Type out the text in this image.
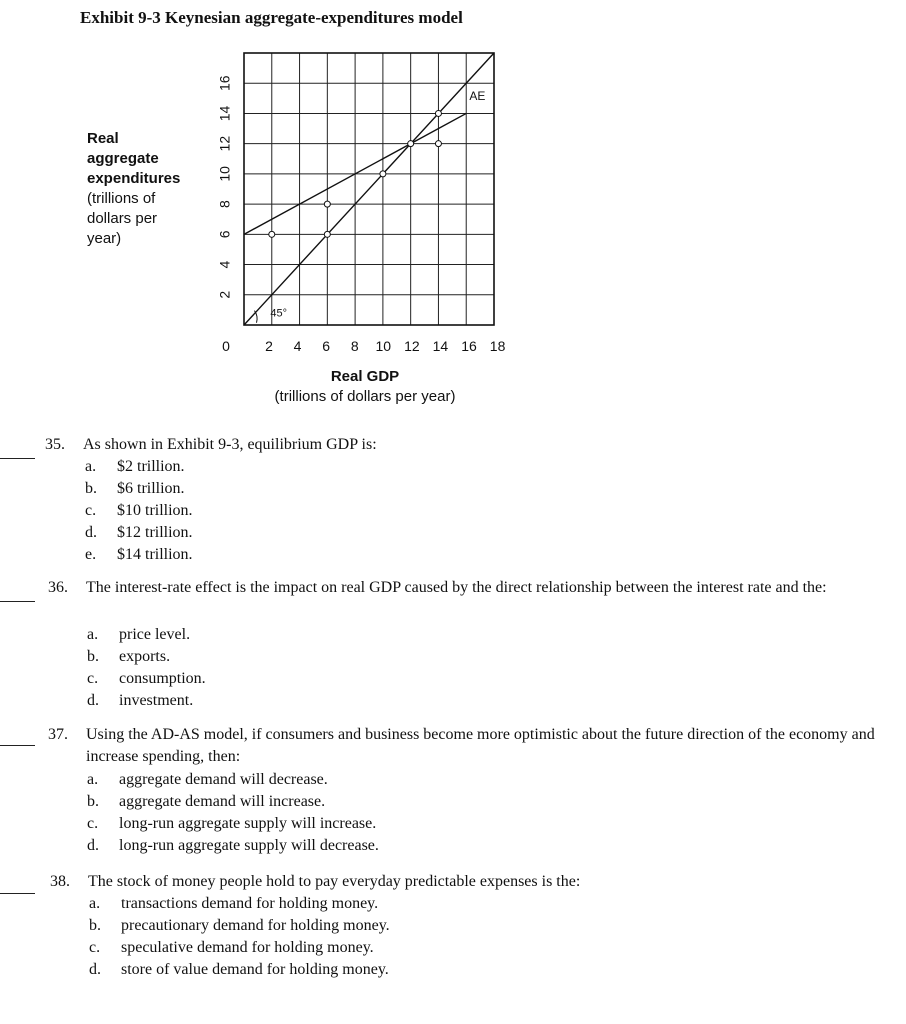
Exhibit 9-3 Keynesian aggregate-expenditures model
Real
aggregate
expenditures
(trillions of
dollars per
year)
2
4
6
8
10
12
14
16
0	2 4 6 8 10 12 14 16 18
AE
45°
Real GDP
(trillions of dollars per year)
35. As shown in Exhibit 9-3, equilibrium GDP is:
a. $2 trillion.
b. $6 trillion.
c. $10 trillion.
d. $12 trillion.
e. $14 trillion.
36. The interest-rate effect is the impact on real GDP caused by the direct relationship between the interest rate and the:
a. price level.
b. exports.
c. consumption.
d. investment.
37. Using the AD-AS model, if consumers and business become more optimistic about the future direction of the economy and increase spending, then:
a. aggregate demand will decrease.
b. aggregate demand will increase.
c. long-run aggregate supply will increase.
d. long-run aggregate supply will decrease.
38. The stock of money people hold to pay everyday predictable expenses is the:
a. transactions demand for holding money.
b. precautionary demand for holding money.
c. speculative demand for holding money.
d. store of value demand for holding money.
